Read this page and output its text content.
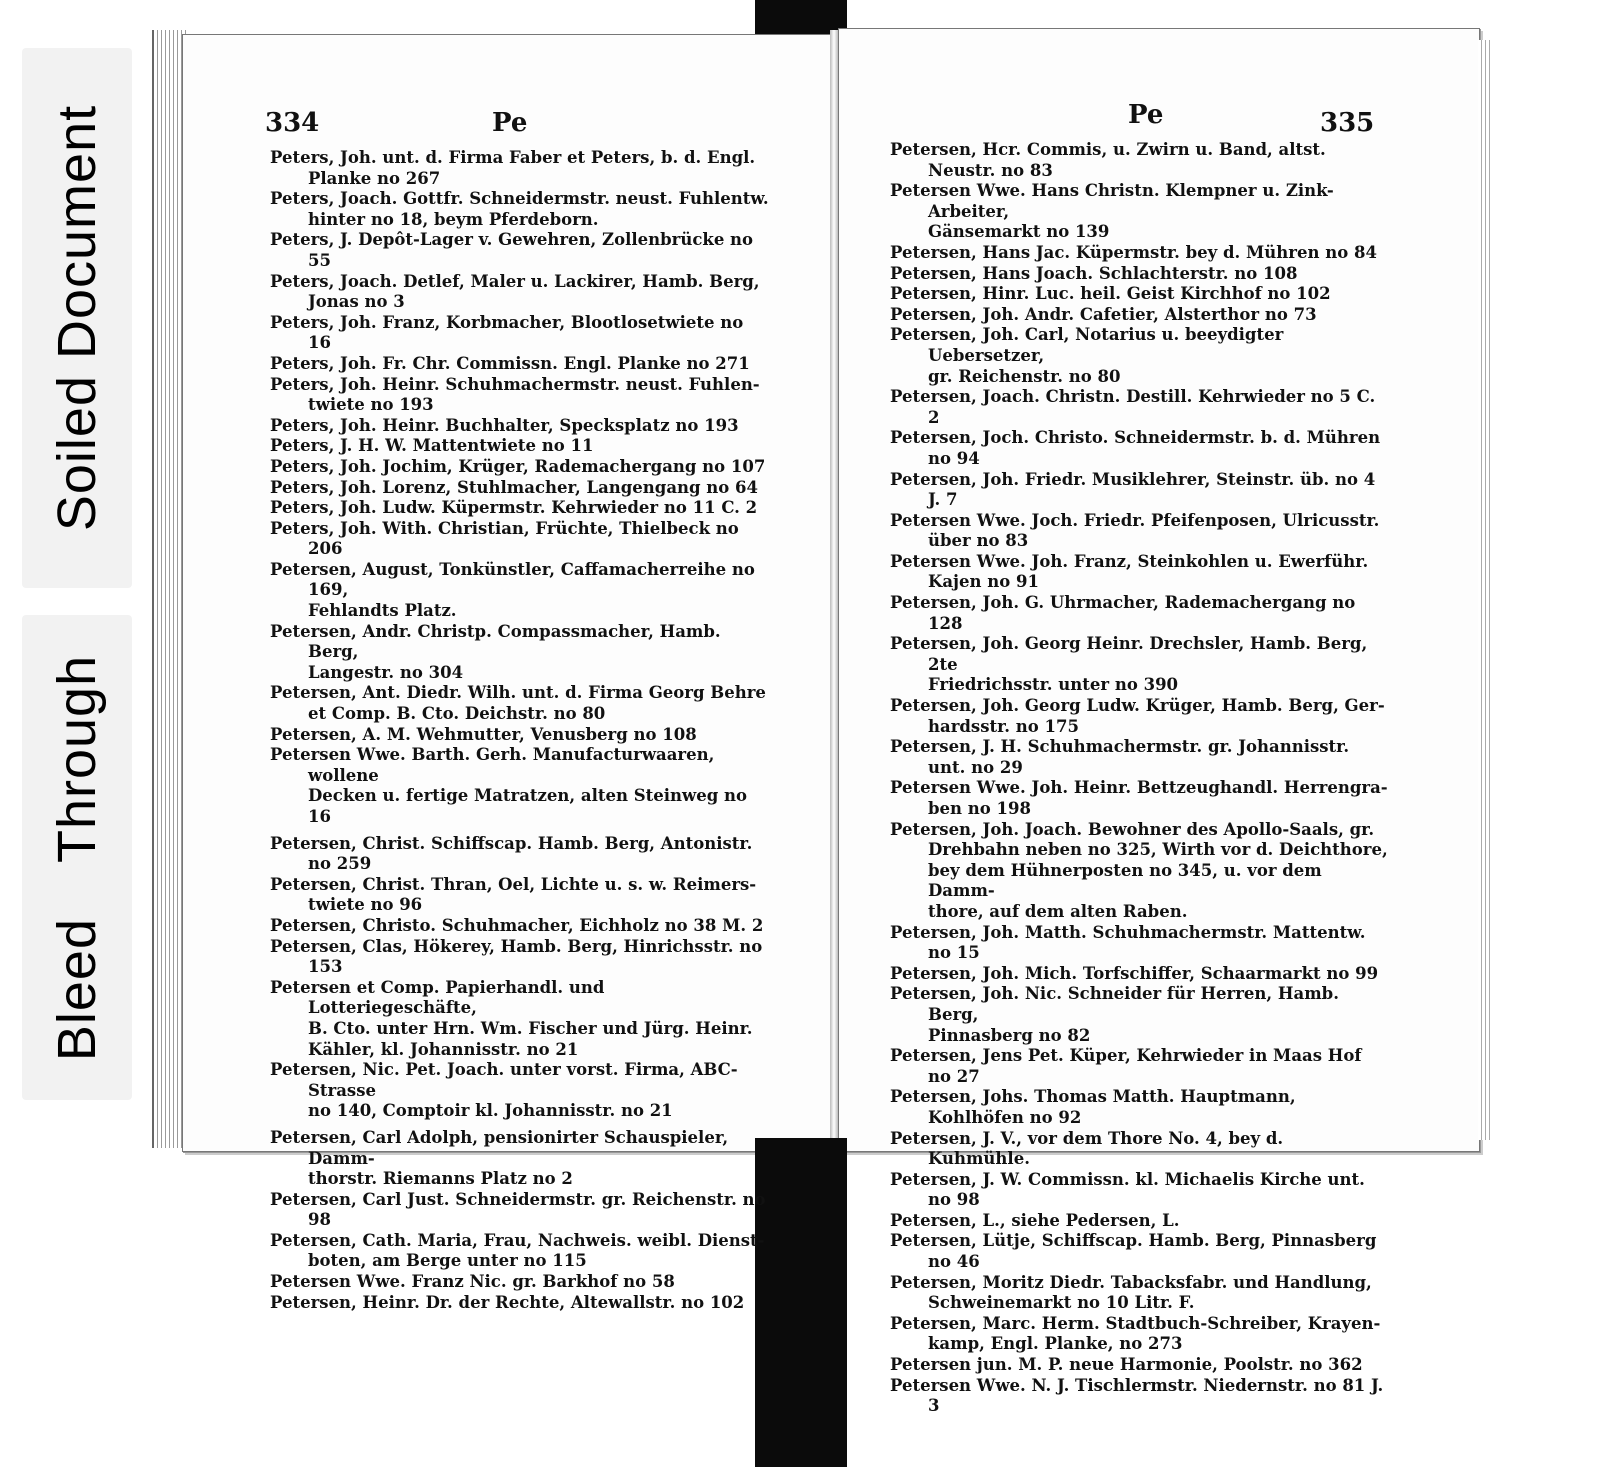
Soiled Document
Bleed Through
334	Pe	Pe	335
Peters, Joh. unt. d. Firma Faber et Peters, b. d. Engl.
Planke no 267
Peters, Joach. Gottfr. Schneidermstr. neust. Fuhlentw.
hinter no 18, beym Pferdeborn.
Peters, J. Depôt-Lager v. Gewehren, Zollenbrücke no 55
Peters, Joach. Detlef, Maler u. Lackirer, Hamb. Berg,
Jonas no 3
Peters, Joh. Franz, Korbmacher, Blootlosetwiete no 16
Peters, Joh. Fr. Chr. Commissn. Engl. Planke no 271
Peters, Joh. Heinr. Schuhmachermstr. neust. Fuhlen-
twiete no 193
Peters, Joh. Heinr. Buchhalter, Specksplatz no 193
Peters, J. H. W. Mattentwiete no 11
Peters, Joh. Jochim, Krüger, Rademachergang no 107
Peters, Joh. Lorenz, Stuhlmacher, Langengang no 64
Peters, Joh. Ludw. Küpermstr. Kehrwieder no 11 C. 2
Peters, Joh. With. Christian, Früchte, Thielbeck no 206
Petersen, August, Tonkünstler, Caffamacherreihe no 169,
Fehlandts Platz.
Petersen, Andr. Christp. Compassmacher, Hamb. Berg,
Langestr. no 304
Petersen, Ant. Diedr. Wilh. unt. d. Firma Georg Behre
et Comp. B. Cto. Deichstr. no 80
Petersen, A. M. Wehmutter, Venusberg no 108
Petersen Wwe. Barth. Gerh. Manufacturwaaren, wollene
Decken u. fertige Matratzen, alten Steinweg no 16
Petersen, Christ. Schiffscap. Hamb. Berg, Antonistr. no 259
Petersen, Christ. Thran, Oel, Lichte u. s. w. Reimers-
twiete no 96
Petersen, Christo. Schuhmacher, Eichholz no 38 M. 2
Petersen, Clas, Hökerey, Hamb. Berg, Hinrichsstr. no 153
Petersen et Comp. Papierhandl. und Lotteriegeschäfte,
B. Cto. unter Hrn. Wm. Fischer und Jürg. Heinr.
Kähler, kl. Johannisstr. no 21
Petersen, Nic. Pet. Joach. unter vorst. Firma, ABC-Strasse
no 140, Comptoir kl. Johannisstr. no 21
Petersen, Carl Adolph, pensionirter Schauspieler, Damm-
thorstr. Riemanns Platz no 2
Petersen, Carl Just. Schneidermstr. gr. Reichenstr. no 98
Petersen, Cath. Maria, Frau, Nachweis. weibl. Dienst-
boten, am Berge unter no 115
Petersen Wwe. Franz Nic. gr. Barkhof no 58
Petersen, Heinr. Dr. der Rechte, Altewallstr. no 102
Petersen, Hcr. Commis, u. Zwirn u. Band, altst. Neustr. no 83
Petersen Wwe. Hans Christn. Klempner u. Zink-Arbeiter,
Gänsemarkt no 139
Petersen, Hans Jac. Küpermstr. bey d. Mühren no 84
Petersen, Hans Joach. Schlachterstr. no 108
Petersen, Hinr. Luc. heil. Geist Kirchhof no 102
Petersen, Joh. Andr. Cafetier, Alsterthor no 73
Petersen, Joh. Carl, Notarius u. beeydigter Uebersetzer,
gr. Reichenstr. no 80
Petersen, Joach. Christn. Destill. Kehrwieder no 5 C. 2
Petersen, Joch. Christo. Schneidermstr. b. d. Mühren no 94
Petersen, Joh. Friedr. Musiklehrer, Steinstr. üb. no 4 J. 7
Petersen Wwe. Joch. Friedr. Pfeifenposen, Ulricusstr.
über no 83
Petersen Wwe. Joh. Franz, Steinkohlen u. Ewerführ.
Kajen no 91
Petersen, Joh. G. Uhrmacher, Rademachergang no 128
Petersen, Joh. Georg Heinr. Drechsler, Hamb. Berg, 2te
Friedrichsstr. unter no 390
Petersen, Joh. Georg Ludw. Krüger, Hamb. Berg, Ger-
hardsstr. no 175
Petersen, J. H. Schuhmachermstr. gr. Johannisstr. unt. no 29
Petersen Wwe. Joh. Heinr. Bettzeughandl. Herrengra-
ben no 198
Petersen, Joh. Joach. Bewohner des Apollo-Saals, gr.
Drehbahn neben no 325, Wirth vor d. Deichthore,
bey dem Hühnerposten no 345, u. vor dem Damm-
thore, auf dem alten Raben.
Petersen, Joh. Matth. Schuhmachermstr. Mattentw. no 15
Petersen, Joh. Mich. Torfschiffer, Schaarmarkt no 99
Petersen, Joh. Nic. Schneider für Herren, Hamb. Berg,
Pinnasberg no 82
Petersen, Jens Pet. Küper, Kehrwieder in Maas Hof no 27
Petersen, Johs. Thomas Matth. Hauptmann, Kohlhöfen no 92
Petersen, J. V., vor dem Thore No. 4, bey d. Kuhmühle.
Petersen, J. W. Commissn. kl. Michaelis Kirche unt. no 98
Petersen, L., siehe Pedersen, L.
Petersen, Lütje, Schiffscap. Hamb. Berg, Pinnasberg no 46
Petersen, Moritz Diedr. Tabacksfabr. und Handlung,
Schweinemarkt no 10 Litr. F.
Petersen, Marc. Herm. Stadtbuch-Schreiber, Krayen-
kamp, Engl. Planke, no 273
Petersen jun. M. P. neue Harmonie, Poolstr. no 362
Petersen Wwe. N. J. Tischlermstr. Niedernstr. no 81 J. 3
